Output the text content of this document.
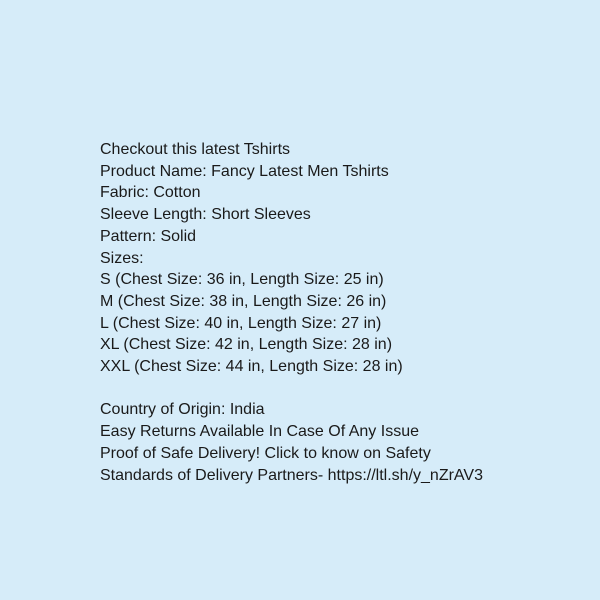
Checkout this latest Tshirts
Product Name: Fancy Latest Men Tshirts
Fabric: Cotton
Sleeve Length: Short Sleeves
Pattern: Solid
Sizes:
S (Chest Size: 36 in, Length Size: 25 in)
M (Chest Size: 38 in, Length Size: 26 in)
L (Chest Size: 40 in, Length Size: 27 in)
XL (Chest Size: 42 in, Length Size: 28 in)
XXL (Chest Size: 44 in, Length Size: 28 in)
Country of Origin: India
Easy Returns Available In Case Of Any Issue
Proof of Safe Delivery! Click to know on Safety
Standards of Delivery Partners- https://ltl.sh/y_nZrAV3
